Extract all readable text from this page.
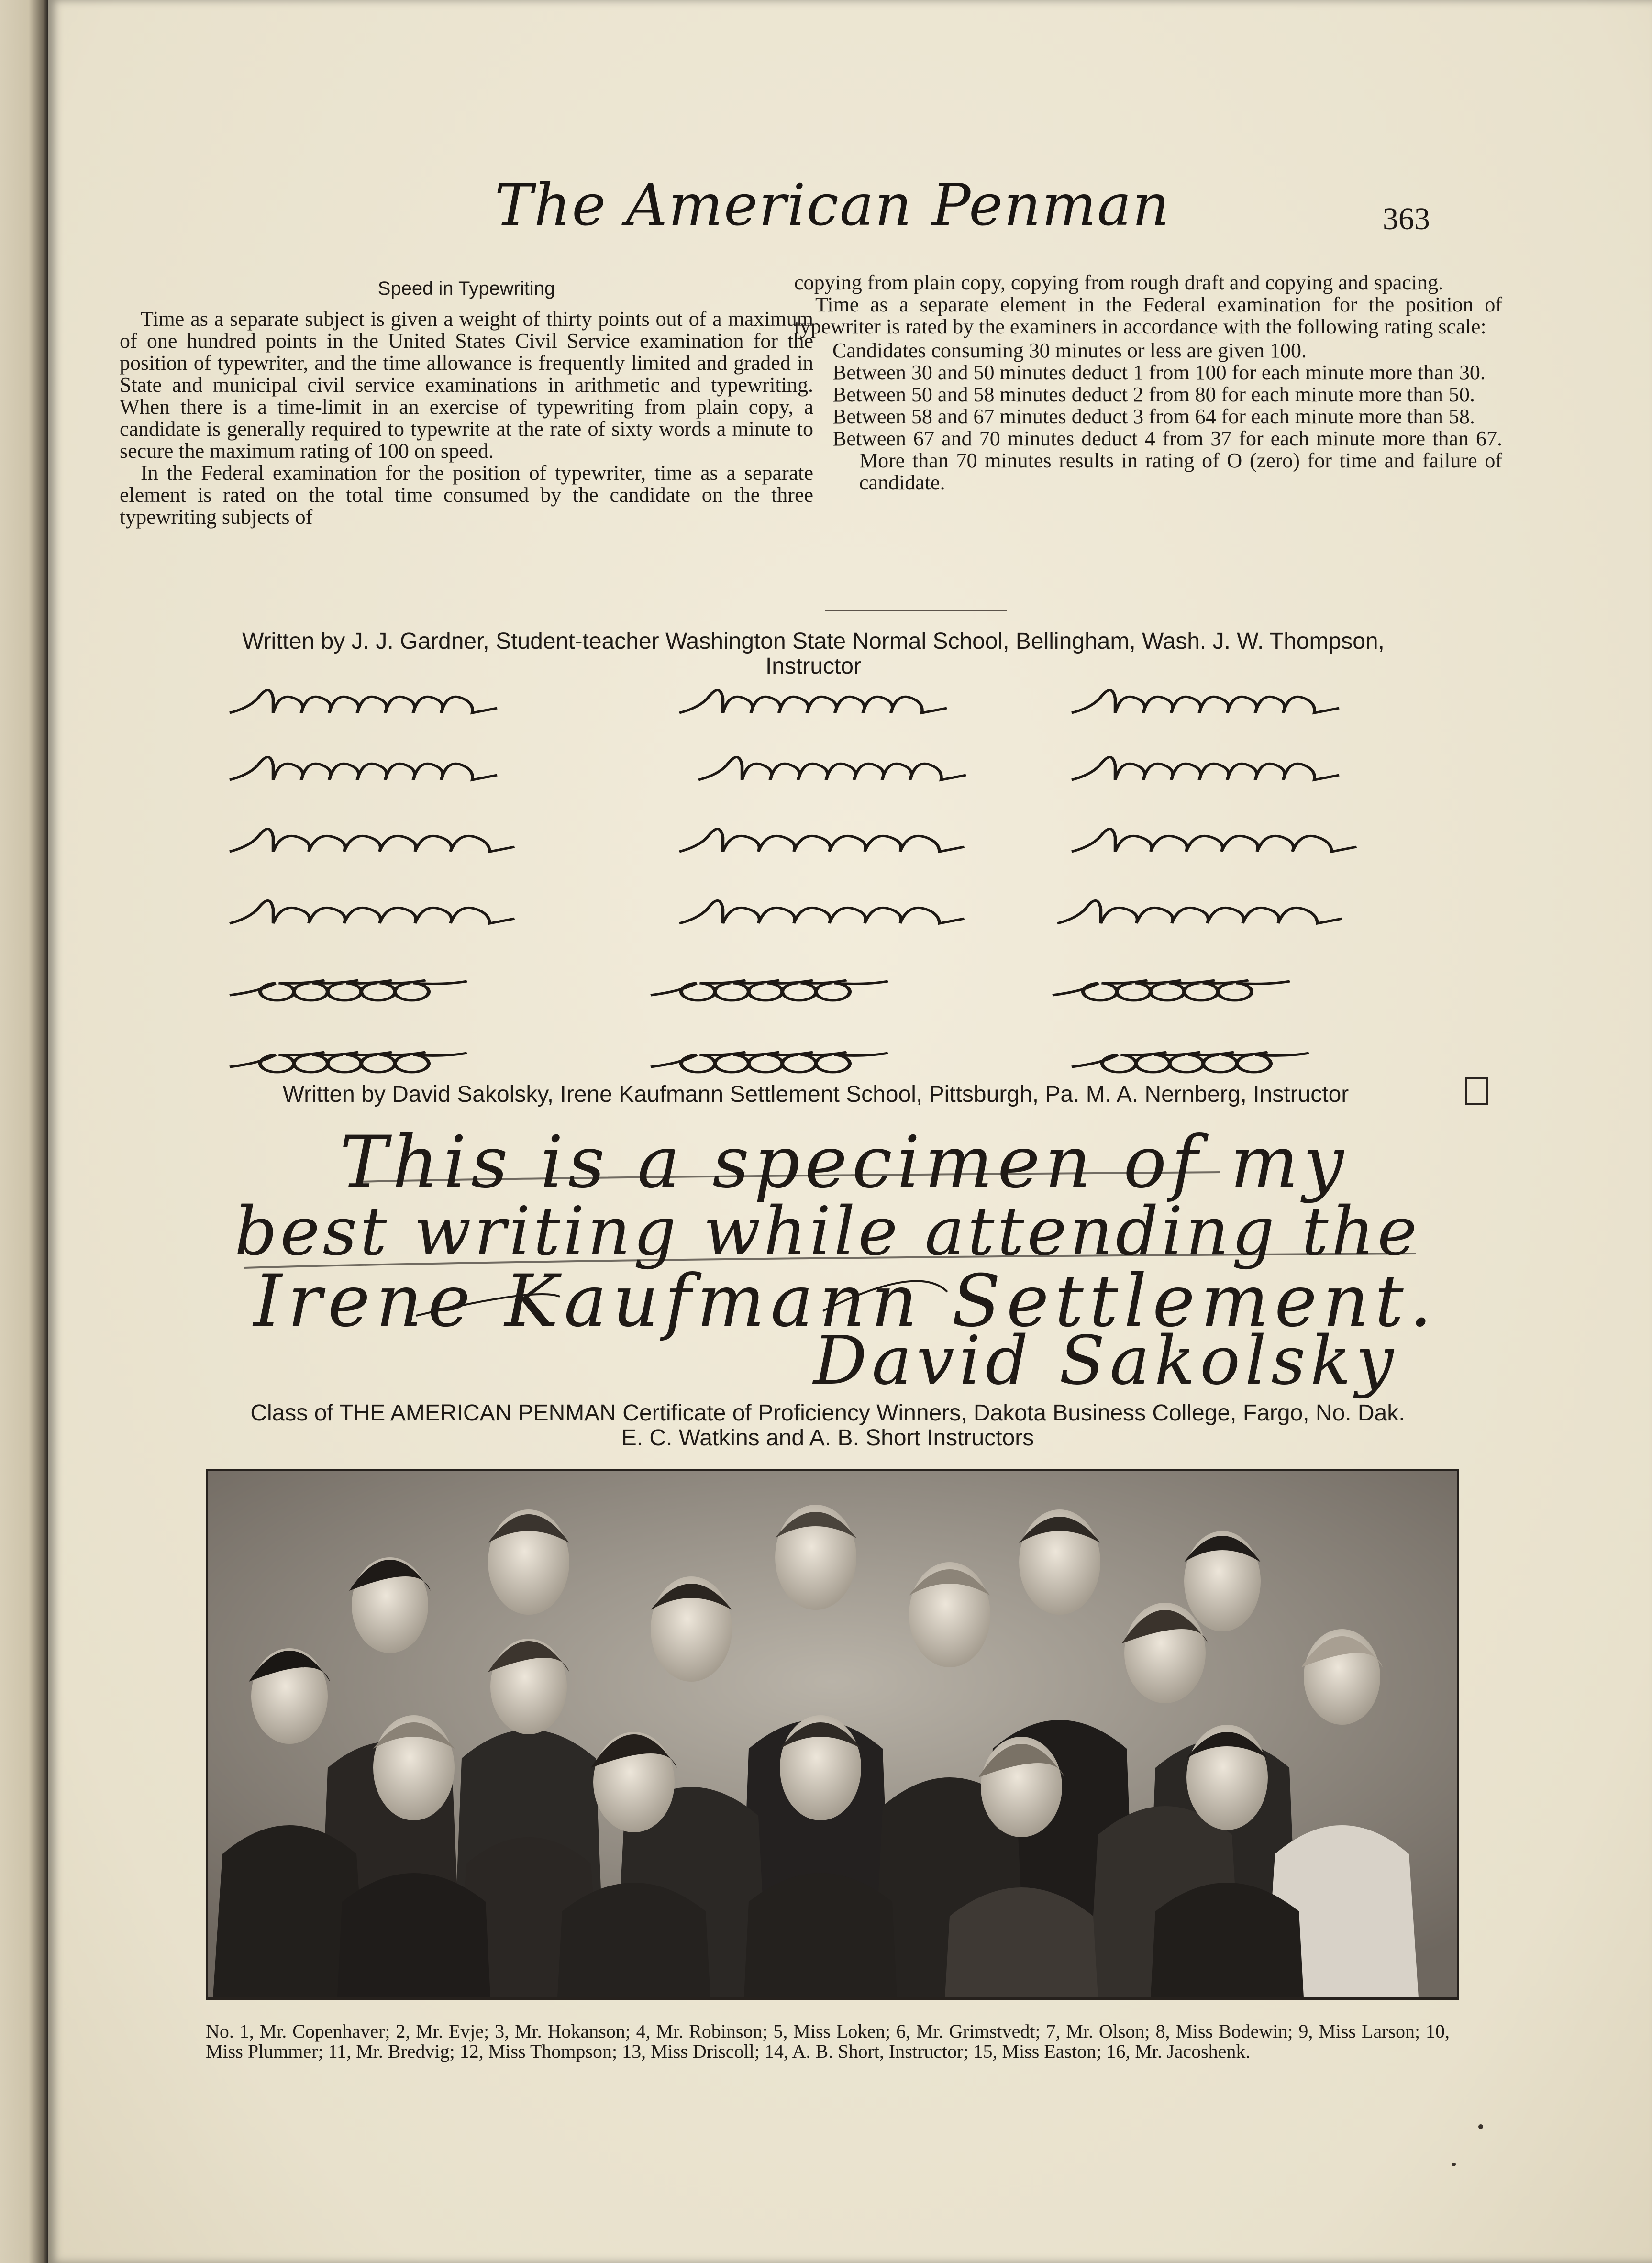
The American Penman	363
Speed in Typewriting

Time as a separate subject is given a weight of thirty points out of a maximum of one hundred points in the United States Civil Service examination for the position of typewriter, and the time allowance is frequently limited and graded in State and municipal civil service examinations in arithmetic and typewriting. When there is a time-limit in an exercise of typewriting from plain copy, a candidate is generally required to typewrite at the rate of sixty words a minute to secure the maximum rating of 100 on speed.

In the Federal examination for the position of typewriter, time as a separate element is rated on the total time consumed by the candidate on the three typewriting subjects of

copying from plain copy, copying from rough draft and copying and spacing.

Time as a separate element in the Federal examination for the position of typewriter is rated by the examiners in accordance with the following rating scale:

Candidates consuming 30 minutes or less are given 100.
Between 30 and 50 minutes deduct 1 from 100 for each minute more than 30.
Between 50 and 58 minutes deduct 2 from 80 for each minute more than 50.
Between 58 and 67 minutes deduct 3 from 64 for each minute more than 58.
Between 67 and 70 minutes deduct 4 from 37 for each minute more than 67. More than 70 minutes results in rating of O (zero) for time and failure of candidate.
Written by J. J. Gardner, Student-teacher Washington State Normal School, Bellingham, Wash. J. W. Thompson,
Instructor
Written by David Sakolsky, Irene Kaufmann Settlement School, Pittsburgh, Pa. M. A. Nernberg, Instructor
This is a specimen of my
best writing while attending the
Irene Kaufmann Settlement.
David Sakolsky
Class of THE AMERICAN PENMAN Certificate of Proficiency Winners, Dakota Business College, Fargo, No. Dak.
E. C. Watkins and A. B. Short Instructors
No. 1, Mr. Copenhaver; 2, Mr. Evje; 3, Mr. Hokanson; 4, Mr. Robinson; 5, Miss Loken; 6, Mr. Grimstvedt; 7, Mr. Olson; 8, Miss Bodewin; 9, Miss Larson; 10, Miss Plummer; 11, Mr. Bredvig; 12, Miss Thompson; 13, Miss Driscoll; 14, A. B. Short, Instructor; 15, Miss Easton; 16, Mr. Jacoshenk.
